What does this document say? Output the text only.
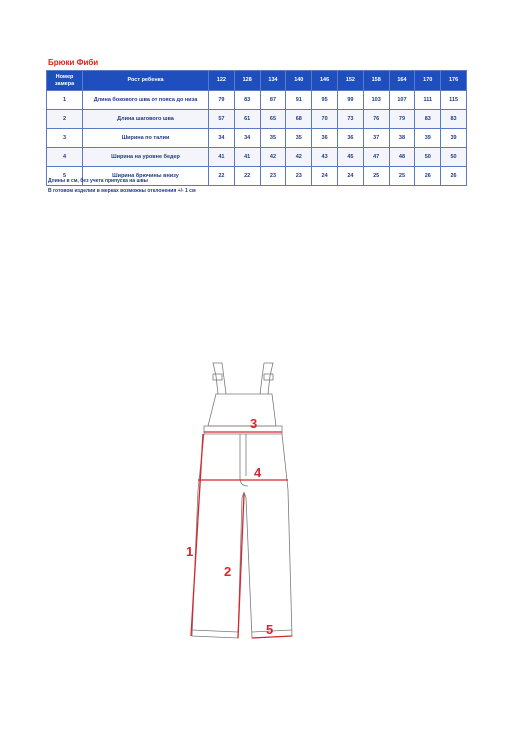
Брюки Фиби
Номер замера	Рост ребенка	122	128	134	140	146	152	158	164	170	176
1	Длина бокового шва от пояса до низа	79	83	87	91	95	99	103	107	111	115
2	Длина шагового шва	57	61	65	68	70	73	76	79	83	83
3	Ширина по талии	34	34	35	35	36	36	37	38	39	39
4	Ширина на уровне бедер	41	41	42	42	43	45	47	48	50	50
5	Ширина брючины внизу	22	22	23	23	24	24	25	25	26	26
Длины в см, без учета припуска на швы
В готовом изделии в мерках возможны отклонения +/- 1 см
1
2
3
4
5
